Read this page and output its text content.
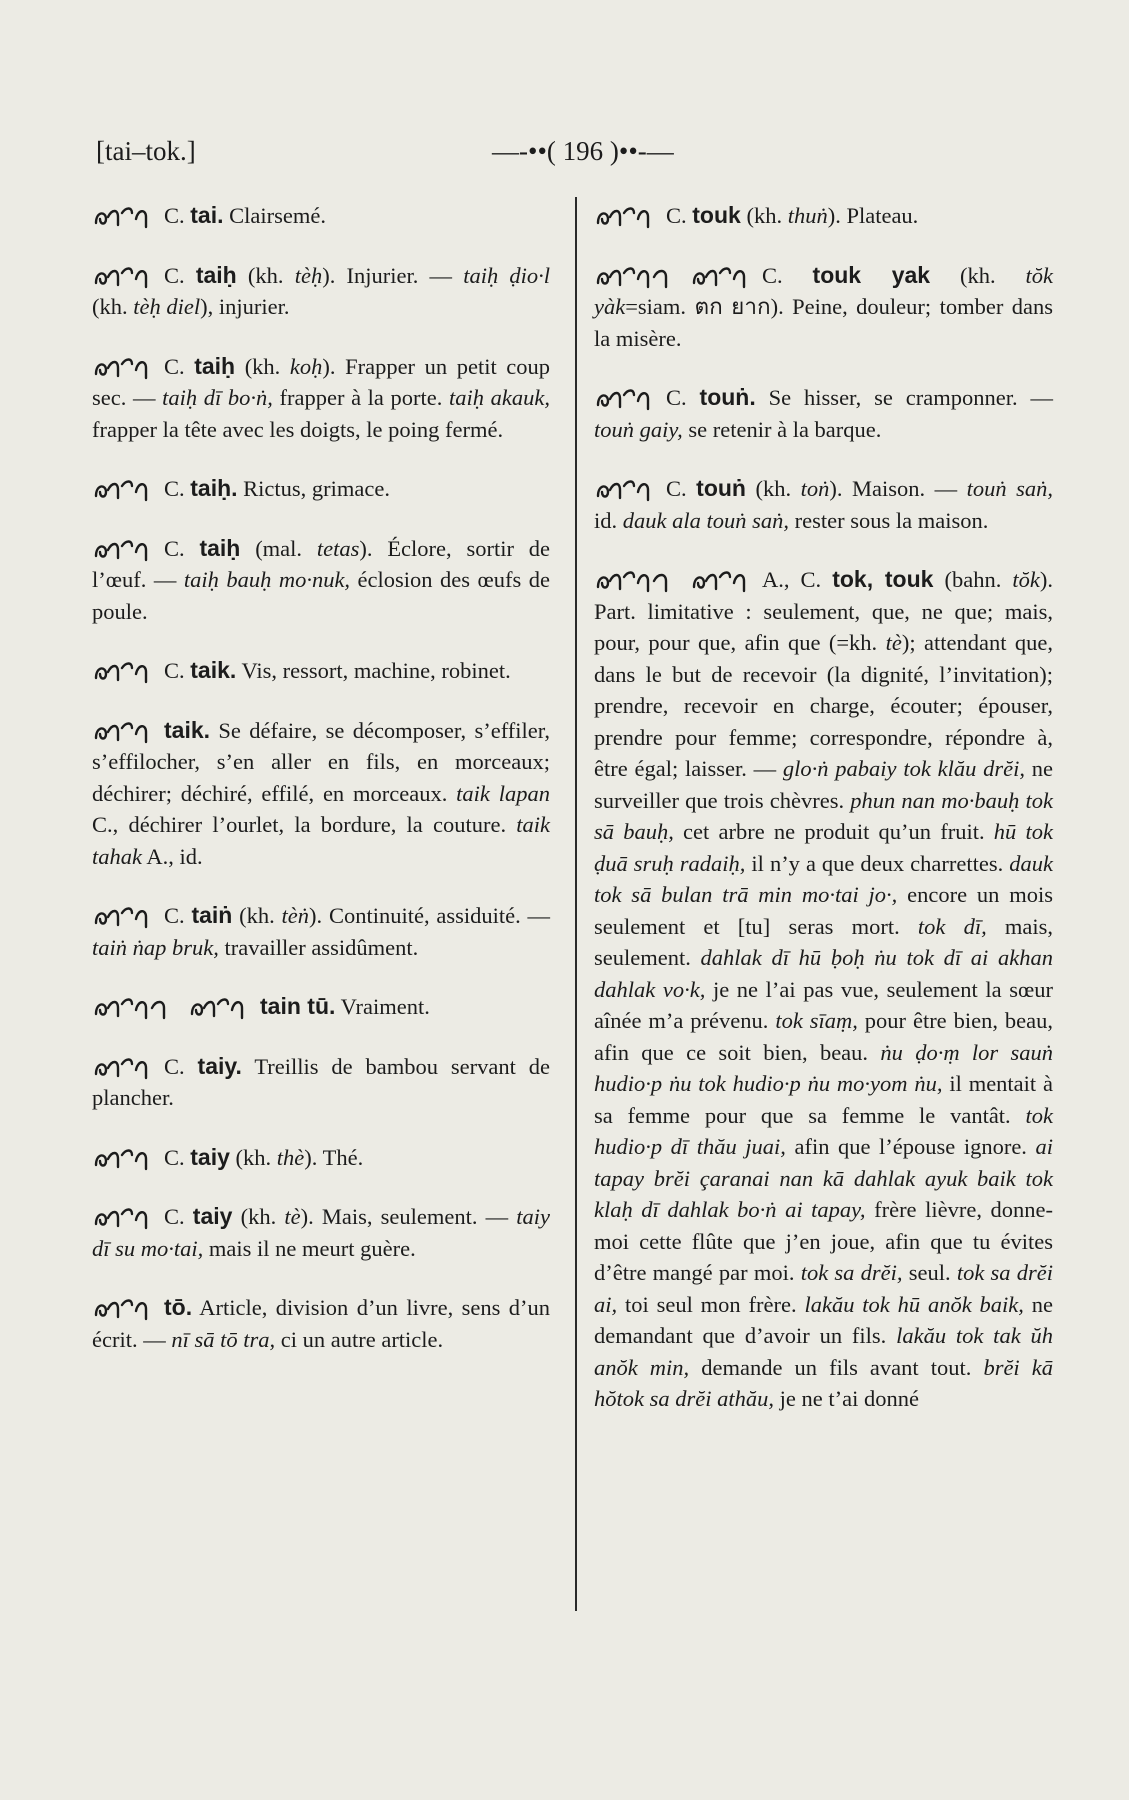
[tai–tok.]	—-••( 196 )••-—

C. tai. Clairsemé.

C. taiḥ (kh. tèḥ). Injurier. — taiḥ ḍio·l (kh. tèḥ diel), injurier.

C. taiḥ (kh. koḥ). Frapper un petit coup sec. — taiḥ dī bo·ṅ, frapper à la porte. taiḥ akauk, frapper la tête avec les doigts, le poing fermé.

C. taiḥ. Rictus, grimace.

C. taiḥ (mal. tetas). Éclore, sortir de l’œuf. — taiḥ bauḥ mo·nuk, éclosion des œufs de poule.

C. taik. Vis, ressort, machine, robinet.

taik. Se défaire, se décomposer, s’effiler, s’effilocher, s’en aller en fils, en morceaux; déchirer; déchiré, effilé, en morceaux. taik lapan C., déchirer l’ourlet, la bordure, la couture. taik tahak A., id.

C. taiṅ (kh. tèṅ). Continuité, assiduité. — taiṅ ṅap bruk, travailler assidûment.

tain tū. Vraiment.

C. taiy. Treillis de bambou servant de plancher.

C. taiy (kh. thè). Thé.

C. taiy (kh. tè). Mais, seulement. — taiy dī su mo·tai, mais il ne meurt guère.

tō. Article, division d’un livre, sens d’un écrit. — nī sā tō tra, ci un autre article.

C. touk (kh. thuṅ). Plateau.

C. touk yak (kh. tŏk yàk=siam. ตก ยาก). Peine, douleur; tomber dans la misère.

C. touṅ. Se hisser, se cramponner. — touṅ gaiy, se retenir à la barque.

C. touṅ (kh. toṅ). Maison. — touṅ saṅ, id. dauk ala touṅ saṅ, rester sous la maison.

A., C. tok, touk (bahn. tŏk). Part. limitative : seulement, que, ne que; mais, pour, pour que, afin que (=kh. tè); attendant que, dans le but de recevoir (la dignité, l’invitation); prendre, recevoir en charge, écouter; épouser, prendre pour femme; correspondre, répondre à, être égal; laisser. — glo·ṅ pabaiy tok klău drĕi, ne surveiller que trois chèvres. phun nan mo·bauḥ tok sā bauḥ, cet arbre ne produit qu’un fruit. hū tok ḍuā sruḥ radaiḥ, il n’y a que deux charrettes. dauk tok sā bulan trā min mo·tai jo·, encore un mois seulement et [tu] seras mort. tok dī, mais, seulement. dahlak dī hū ḅoḥ ṅu tok dī ai akhan dahlak vo·k, je ne l’ai pas vue, seulement la sœur aînée m’a prévenu. tok sīaṃ, pour être bien, beau, afin que ce soit bien, beau. ṅu ḍo·ṃ lor sauṅ hudio·p ṅu tok hudio·p ṅu mo·yom ṅu, il mentait à sa femme pour que sa femme le vantât. tok hudio·p dī thău juai, afin que l’épouse ignore. ai tapay brĕi çaranai nan kā dahlak ayuk baik tok klaḥ dī dahlak bo·ṅ ai tapay, frère lièvre, donne-moi cette flûte que j’en joue, afin que tu évites d’être mangé par moi. tok sa drĕi, seul. tok sa drĕi ai, toi seul mon frère. lakău tok hū anŏk baik, ne demandant que d’avoir un fils. lakău tok tak ŭh anŏk min, demande un fils avant tout. brĕi kā hŏtok sa drĕi athău, je ne t’ai donné
